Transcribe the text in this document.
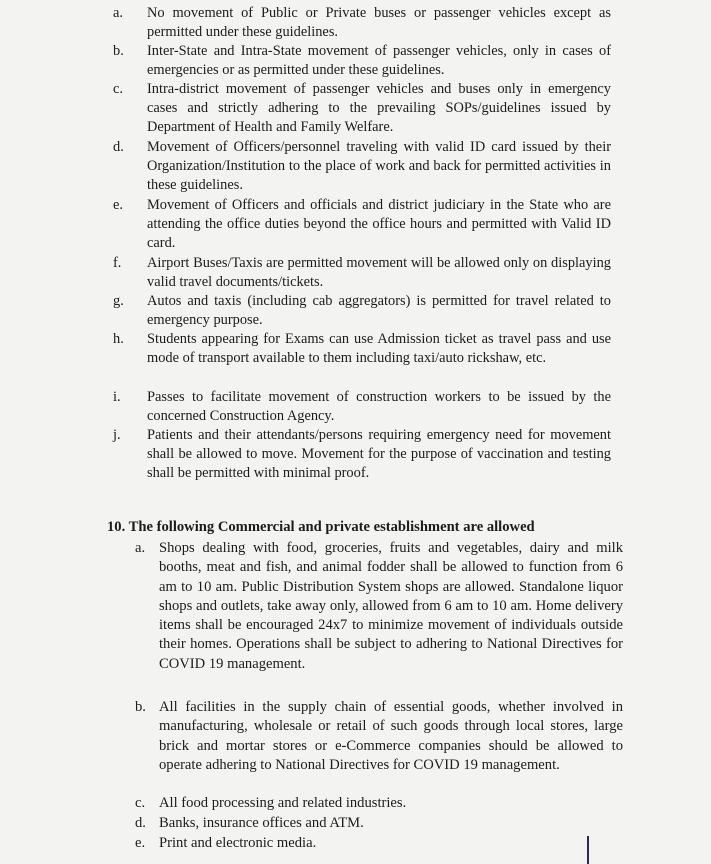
a.	No movement of Public or Private buses or passenger vehicles except as permitted under these guidelines.
b.	Inter-State and Intra-State movement of passenger vehicles, only in cases of emergencies or as permitted under these guidelines.
c.	Intra-district movement of passenger vehicles and buses only in emergency cases and strictly adhering to the prevailing SOPs/guidelines issued by Department of Health and Family Welfare.
d.	Movement of Officers/personnel traveling with valid ID card issued by their Organization/Institution to the place of work and back for permitted activities in these guidelines.
e.	Movement of Officers and officials and district judiciary in the State who are attending the office duties beyond the office hours and permitted with Valid ID card.
f.	Airport Buses/Taxis are permitted movement will be allowed only on displaying valid travel documents/tickets.
g.	Autos and taxis (including cab aggregators) is permitted for travel related to emergency purpose.
h.	Students appearing for Exams can use Admission ticket as travel pass and use mode of transport available to them including taxi/auto rickshaw, etc.
i.	Passes to facilitate movement of construction workers to be issued by the concerned Construction Agency.
j.	Patients and their attendants/persons requiring emergency need for movement shall be allowed to move. Movement for the purpose of vaccination and testing shall be permitted with minimal proof.
10. The following Commercial and private establishment are allowed
a. Shops dealing with food, groceries, fruits and vegetables, dairy and milk booths, meat and fish, and animal fodder shall be allowed to function from 6 am to 10 am. Public Distribution System shops are allowed. Standalone liquor shops and outlets, take away only, allowed from 6 am to 10 am. Home delivery items shall be encouraged 24x7 to minimize movement of individuals outside their homes. Operations shall be subject to adhering to National Directives for COVID 19 management.
b. All facilities in the supply chain of essential goods, whether involved in manufacturing, wholesale or retail of such goods through local stores, large brick and mortar stores or e-Commerce companies should be allowed to operate adhering to National Directives for COVID 19 management.
c. All food processing and related industries.
d. Banks, insurance offices and ATM.
e. Print and electronic media.
